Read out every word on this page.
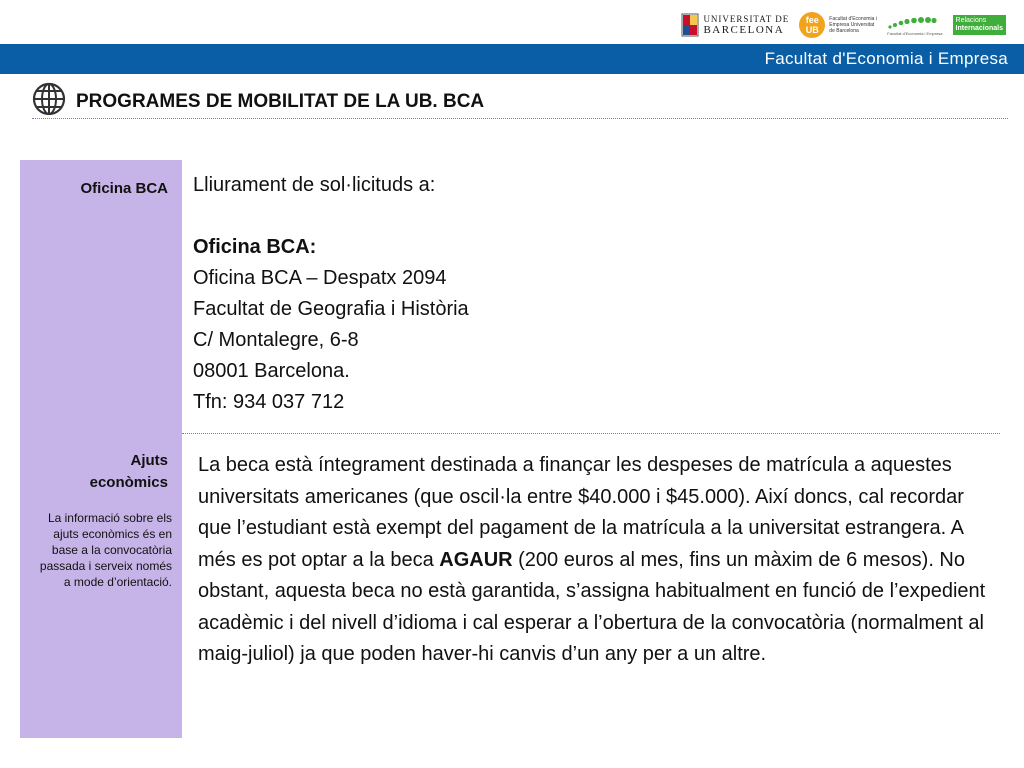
UNIVERSITAT DE
BARCELONA
fee UB
Facultat d'Economia i Empresa Universitat de Barcelona	Facultat d'Economia i Empresa
Relacions
Internacionals
Facultat d'Economia i Empresa
PROGRAMES DE MOBILITAT DE LA UB. BCA
Oficina BCA
Ajuts econòmics
La informació sobre els ajuts econòmics és en base a la convocatòria passada i serveix només a mode d’orientació.
Lliurament de sol·licituds a:
Oficina BCA:
Oficina BCA – Despatx 2094
Facultat de Geografia i Història
C/ Montalegre, 6-8
08001 Barcelona.
Tfn: 934 037 712
La beca està íntegrament destinada a finançar les despeses de matrícula a aquestes universitats americanes (que oscil·la entre $40.000 i $45.000). Així doncs, cal recordar que l’estudiant està exempt del pagament de la matrícula a la universitat estrangera. A més es pot optar a la beca AGAUR (200 euros al mes, fins un màxim de 6 mesos). No obstant, aquesta beca no està garantida, s’assigna habitualment en funció de l’expedient acadèmic i del nivell d’idioma i cal esperar a l’obertura de la convocatòria (normalment al maig-juliol) ja que poden haver-hi canvis d’un any per a un altre.
